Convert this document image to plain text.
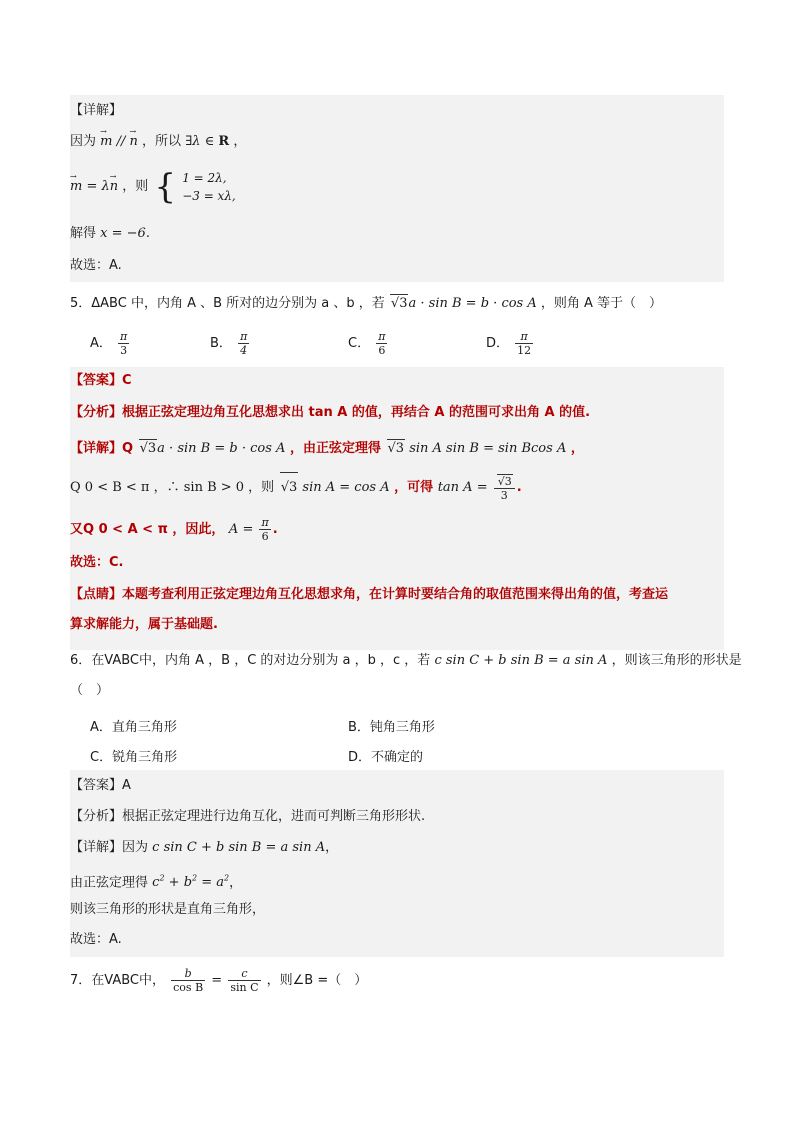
【详解】
因为 → m // → n ，所以 ∃λ ∈ R ，
→ m = λ→ n ，则 { 1 = 2λ,
−3 = xλ,
解得 x = −6.
故选：A.
5．ΔABC 中，内角 A 、B 所对的边分别为 a 、b ，若 √3a · sin B = b · cos A ，则角 A 等于（　）
A． $\frac{\pi}{3}$	B． $\frac{\pi}{4}$	C． $\frac{\pi}{6}$	D． $\frac{\pi}{12}$
【答案】C
【分析】根据正弦定理边角互化思想求出 tan A 的值，再结合 A 的范围可求出角 A 的值.
【详解】Q √3a · sin B = b · cos A ，由正弦定理得 √3 sin A sin B = sin Bcos A ，
Q 0 < B < π ，∴ sin B > 0 ，则 √3 sin A = cos A ，可得 $\tan A = \frac{√3}{3}$ .
又Q 0 < A < π ，因此， $A = \frac{\pi}{6}$ .
故选：C.
【点睛】本题考查利用正弦定理边角互化思想求角，在计算时要结合角的取值范围来得出角的值，考查运
算求解能力，属于基础题.
6．在VABC中，内角 A ，B ，C 的对边分别为 a ，b ，c ，若 c sin C + b sin B = a sin A ，则该三角形的形状是
（　）
A．直角三角形	B．钝角三角形
C．锐角三角形	D．不确定的
【答案】A
【分析】根据正弦定理进行边角互化，进而可判断三角形形状.
【详解】因为 c sin C + b sin B = a sin A，
由正弦定理得 $c^2 + b^2 = a^2$，
则该三角形的形状是直角三角形，
故选：A.
7．在VABC中， $\frac{b}{\text{cos B}} = \frac{c}{\text{sin C}}$ ，则∠B =（　）
